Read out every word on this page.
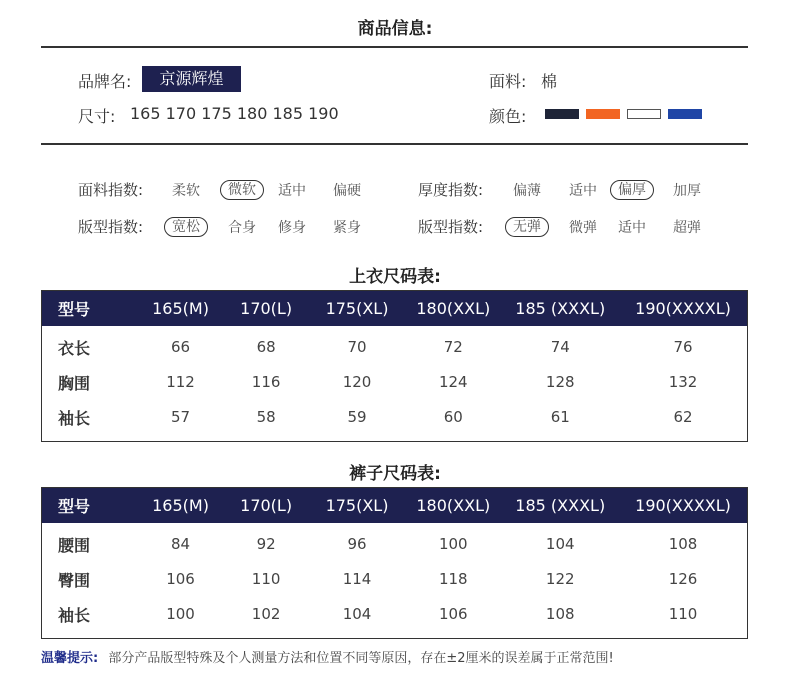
商品信息:
品牌名:	京源辉煌
尺寸: 165 170 175 180 185 190
面料: 棉
颜色:
面料指数: 柔软	微软	适中 偏硬	厚度指数: 偏薄 适中	偏厚	加厚
版型指数:	宽松	合身 修身 紧身	版型指数:	无弹	微弹 适中 超弹
上衣尺码表:
型号	165(M)	170(L)	175(XL)	180(XXL)	185 (XXXL)	190(XXXXL)
衣长	66	68	70	72	74	76
胸围	112	116	120	124	128	132
袖长	57	58	59	60	61	62

裤子尺码表:
型号	165(M)	170(L)	175(XL)	180(XXL)	185 (XXXL)	190(XXXXL)
腰围	84	92	96	100	104	108
臀围	106	110	114	118	122	126
袖长	100	102	104	106	108	110

温馨提示: 部分产品版型特殊及个人测量方法和位置不同等原因，存在±2厘米的误差属于正常范围!
